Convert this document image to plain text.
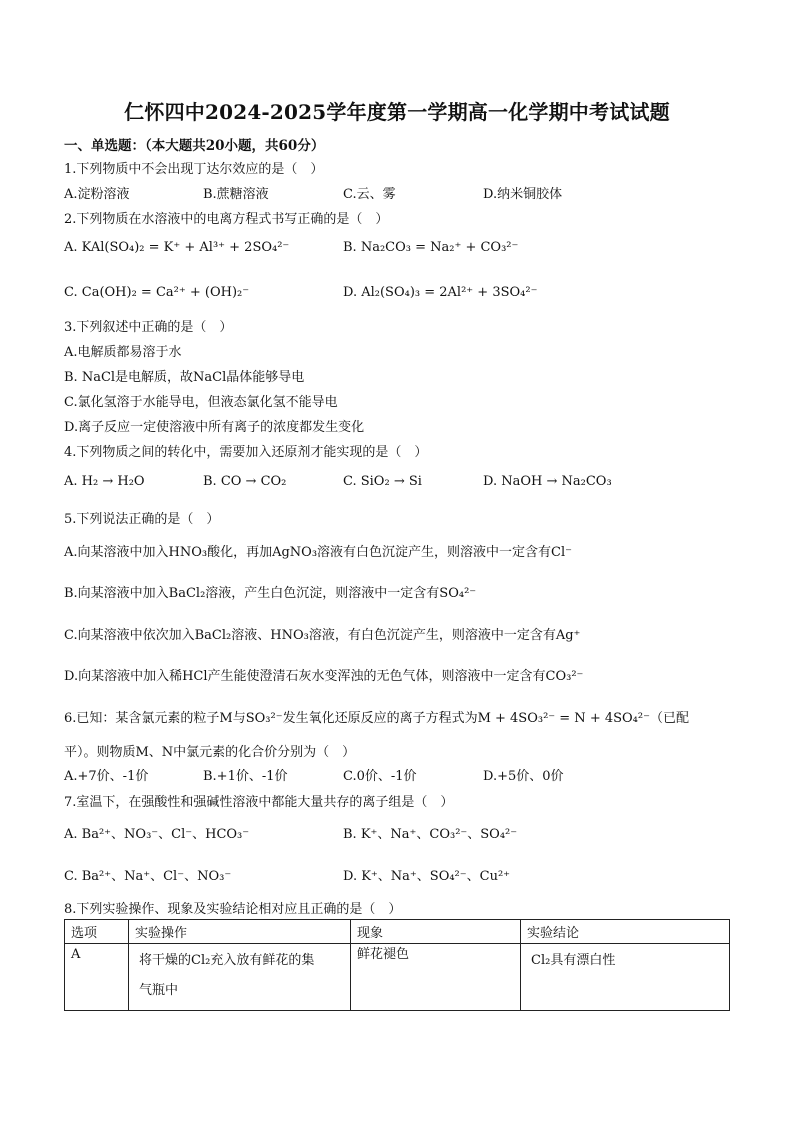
仁怀四中2024-2025学年度第一学期高一化学期中考试试题
一、单选题：（本大题共20小题，共60分）
1.下列物质中不会出现丁达尔效应的是（　）
A.淀粉溶液	B.蔗糖溶液	C.云、雾	D.纳米铜胶体
2.下列物质在水溶液中的电离方程式书写正确的是（　）
A. KAl(SO₄)₂ = K⁺ + Al³⁺ + 2SO₄²⁻	B. Na₂CO₃ = Na₂⁺ + CO₃²⁻
C. Ca(OH)₂ = Ca²⁺ + (OH)₂⁻	D. Al₂(SO₄)₃ = 2Al²⁺ + 3SO₄²⁻
3.下列叙述中正确的是（　）
A.电解质都易溶于水
B. NaCl是电解质，故NaCl晶体能够导电
C.氯化氢溶于水能导电，但液态氯化氢不能导电
D.离子反应一定使溶液中所有离子的浓度都发生变化
4.下列物质之间的转化中，需要加入还原剂才能实现的是（　）
A. H₂ → H₂O	B. CO → CO₂	C. SiO₂ → Si	D. NaOH → Na₂CO₃
5.下列说法正确的是（　）
A.向某溶液中加入HNO₃酸化，再加AgNO₃溶液有白色沉淀产生，则溶液中一定含有Cl⁻
B.向某溶液中加入BaCl₂溶液，产生白色沉淀，则溶液中一定含有SO₄²⁻
C.向某溶液中依次加入BaCl₂溶液、HNO₃溶液，有白色沉淀产生，则溶液中一定含有Ag⁺
D.向某溶液中加入稀HCl产生能使澄清石灰水变浑浊的无色气体，则溶液中一定含有CO₃²⁻
6.已知：某含氯元素的粒子M与SO₃²⁻发生氧化还原反应的离子方程式为M + 4SO₃²⁻ = N + 4SO₄²⁻（已配
平）。则物质M、N中氯元素的化合价分别为（　）
A.+7价、-1价	B.+1价、-1价	C.0价、-1价	D.+5价、0价
7.室温下，在强酸性和强碱性溶液中都能大量共存的离子组是（　）
A. Ba²⁺、NO₃⁻、Cl⁻、HCO₃⁻	B. K⁺、Na⁺、CO₃²⁻、SO₄²⁻
C. Ba²⁺、Na⁺、Cl⁻、NO₃⁻	D. K⁺、Na⁺、SO₄²⁻、Cu²⁺
8.下列实验操作、现象及实验结论相对应且正确的是（　）
选项	实验操作	现象	实验结论
A	将干燥的Cl₂充入放有鲜花的集
气瓶中	鲜花褪色	Cl₂具有漂白性
